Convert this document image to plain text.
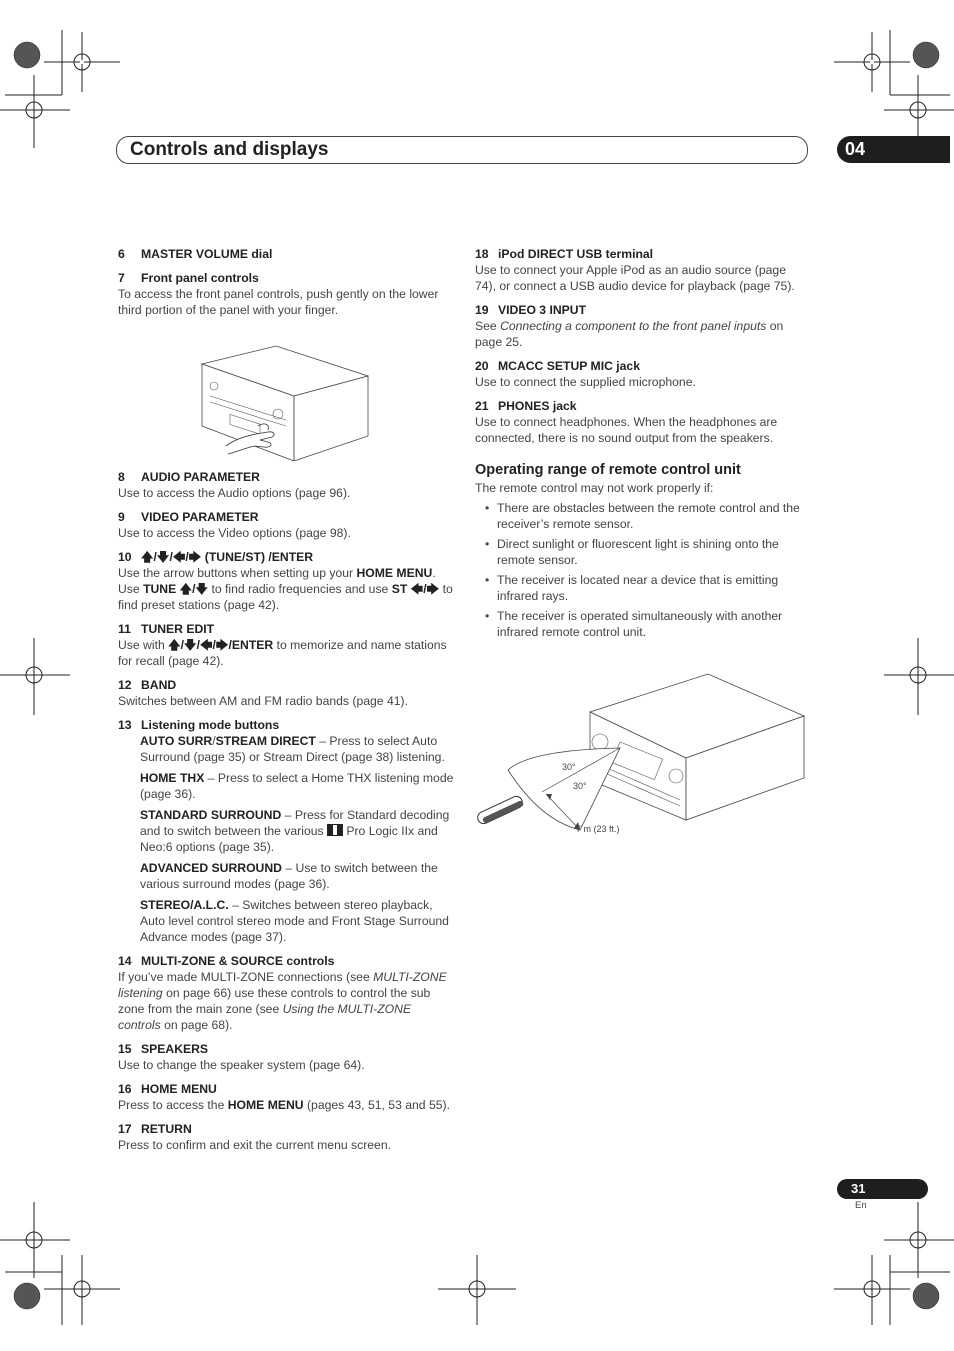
Controls and displays	04
6 MASTER VOLUME dial
7 Front panel controls

To access the front panel controls, push gently on the lower third portion of the panel with your finger.

8 AUDIO PARAMETER

Use to access the Audio options (page 96).

9 VIDEO PARAMETER

Use to access the Video options (page 98).

10 🡅/🡇/🡄/🡆 (TUNE/ST) /ENTER

Use the arrow buttons when setting up your HOME MENU. Use TUNE 🡅/🡇 to find radio frequencies and use ST 🡄/🡆 to find preset stations (page 42).

11 TUNER EDIT

Use with 🡅/🡇/🡄/🡆/ENTER to memorize and name stations for recall (page 42).

12 BAND

Switches between AM and FM radio bands (page 41).

13 Listening mode buttons

AUTO SURR/STREAM DIRECT – Press to select Auto Surround (page 35) or Stream Direct (page 38) listening.

HOME THX – Press to select a Home THX listening mode (page 36).

STANDARD SURROUND – Press for Standard decoding and to switch between the various  Pro Logic IIx and Neo:6 options (page 35).

ADVANCED SURROUND – Use to switch between the various surround modes (page 36).

STEREO/A.L.C. – Switches between stereo playback, Auto level control stereo mode and Front Stage Surround Advance modes (page 37).

14 MULTI-ZONE & SOURCE controls

If you’ve made MULTI-ZONE connections (see MULTI-ZONE listening on page 66) use these controls to control the sub zone from the main zone (see Using the MULTI-ZONE controls on page 68).

15 SPEAKERS

Use to change the speaker system (page 64).

16 HOME MENU

Press to access the HOME MENU (pages 43, 51, 53 and 55).

17 RETURN

Press to confirm and exit the current menu screen.

18 iPod DIRECT USB terminal

Use to connect your Apple iPod as an audio source (page 74), or connect a USB audio device for playback (page 75).

19 VIDEO 3 INPUT

See Connecting a component to the front panel inputs on page 25.

20 MCACC SETUP MIC jack

Use to connect the supplied microphone.

21 PHONES jack

Use to connect headphones. When the headphones are connected, there is no sound output from the speakers.

Operating range of remote control unit

The remote control may not work properly if:

• There are obstacles between the remote control and the receiver’s remote sensor.
• Direct sunlight or fluorescent light is shining onto the remote sensor.
• The receiver is located near a device that is emitting infrared rays.
• The receiver is operated simultaneously with another infrared remote control unit.
30°
30°
7 m (23 ft.)
31
En
